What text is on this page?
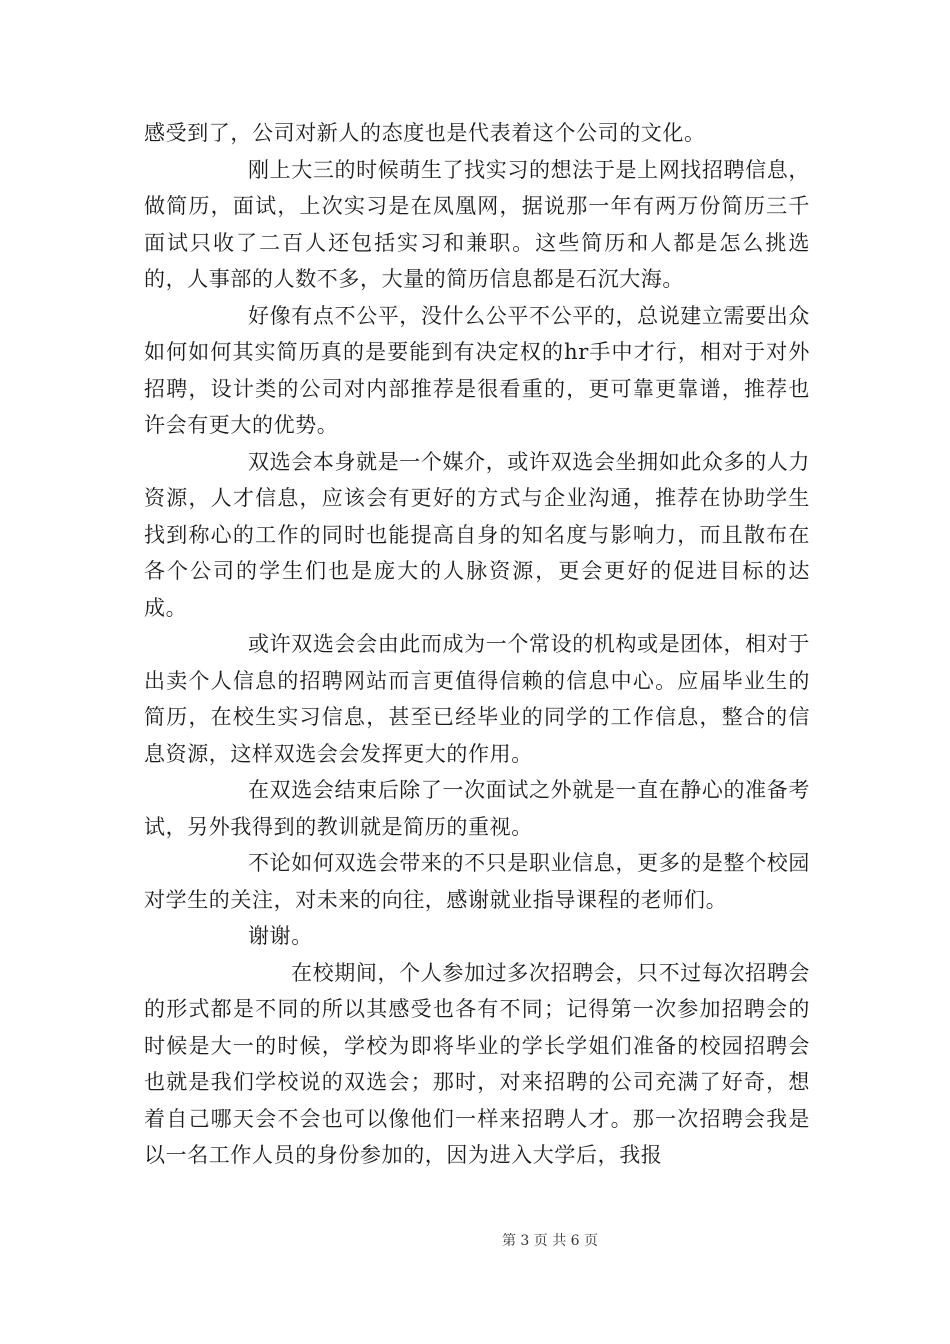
感受到了，公司对新人的态度也是代表着这个公司的文化。

刚上大三的时候萌生了找实习的想法于是上网找招聘信息，做简历，面试，上次实习是在凤凰网，据说那一年有两万份简历三千面试只收了二百人还包括实习和兼职。这些简历和人都是怎么挑选的，人事部的人数不多，大量的简历信息都是石沉大海。

好像有点不公平，没什么公平不公平的，总说建立需要出众如何如何其实简历真的是要能到有决定权的hr手中才行，相对于对外招聘，设计类的公司对内部推荐是很看重的，更可靠更靠谱，推荐也许会有更大的优势。

双选会本身就是一个媒介，或许双选会坐拥如此众多的人力资源，人才信息，应该会有更好的方式与企业沟通，推荐在协助学生找到称心的工作的同时也能提高自身的知名度与影响力，而且散布在各个公司的学生们也是庞大的人脉资源，更会更好的促进目标的达成。

或许双选会会由此而成为一个常设的机构或是团体，相对于出卖个人信息的招聘网站而言更值得信赖的信息中心。应届毕业生的简历，在校生实习信息，甚至已经毕业的同学的工作信息，整合的信息资源，这样双选会会发挥更大的作用。

在双选会结束后除了一次面试之外就是一直在静心的准备考试，另外我得到的教训就是简历的重视。

不论如何双选会带来的不只是职业信息，更多的是整个校园对学生的关注，对未来的向往，感谢就业指导课程的老师们。

谢谢。

在校期间，个人参加过多次招聘会，只不过每次招聘会的形式都是不同的所以其感受也各有不同；记得第一次参加招聘会的时候是大一的时候，学校为即将毕业的学长学姐们准备的校园招聘会也就是我们学校说的双选会；那时，对来招聘的公司充满了好奇，想着自己哪天会不会也可以像他们一样来招聘人才。那一次招聘会我是以一名工作人员的身份参加的，因为进入大学后，我报

第 3 页 共 6 页
